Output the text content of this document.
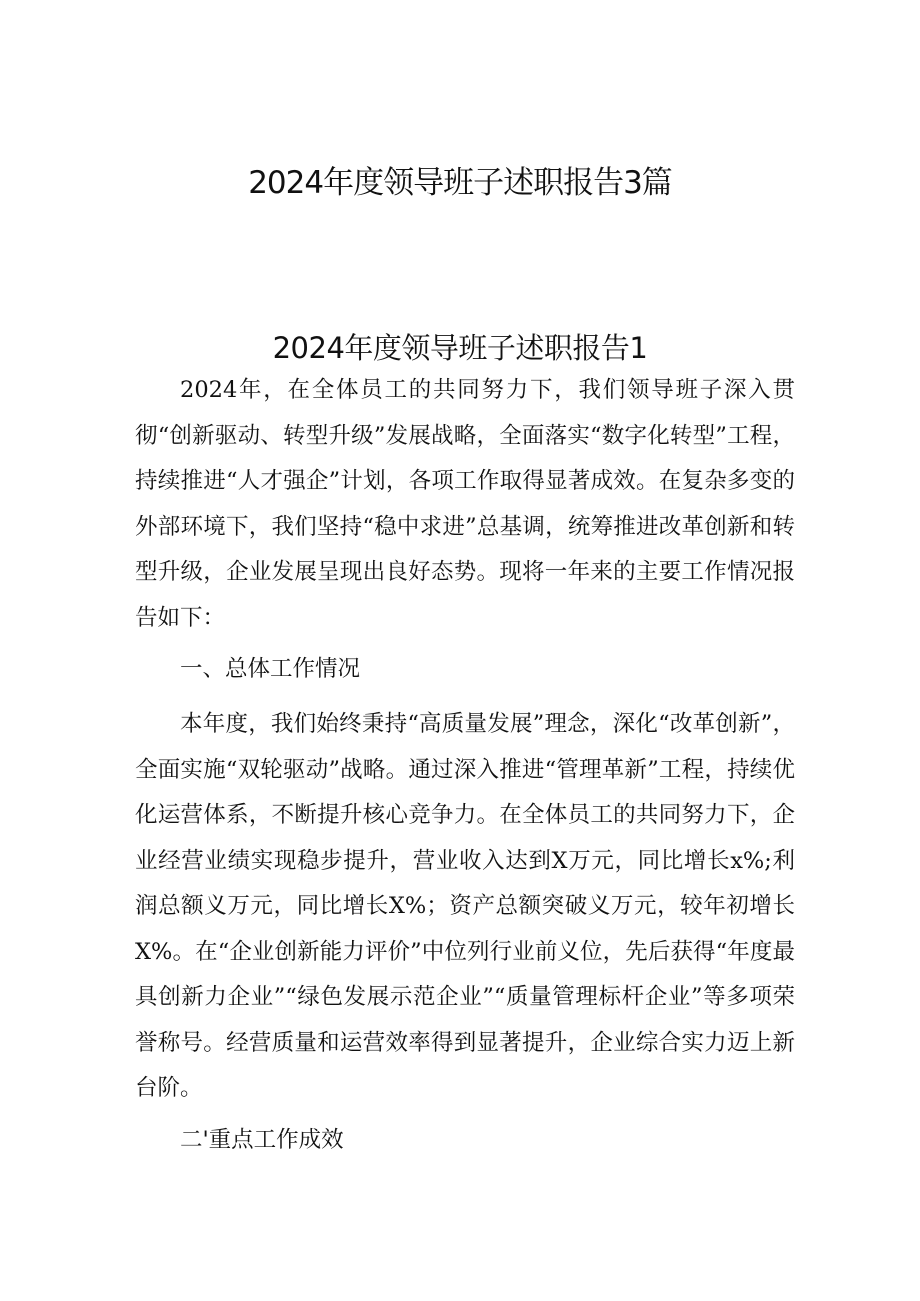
2024年度领导班子述职报告3篇
2024年度领导班子述职报告1

2024年，在全体员工的共同努力下，我们领导班子深入贯彻“创新驱动、转型升级”发展战略，全面落实“数字化转型”工程，持续推进“人才强企”计划，各项工作取得显著成效。在复杂多变的外部环境下，我们坚持“稳中求进”总基调，统筹推进改革创新和转型升级，企业发展呈现出良好态势。现将一年来的主要工作情况报告如下：

一、总体工作情况

本年度，我们始终秉持“高质量发展”理念，深化“改革创新”，全面实施“双轮驱动”战略。通过深入推进“管理革新”工程，持续优化运营体系，不断提升核心竞争力。在全体员工的共同努力下，企业经营业绩实现稳步提升，营业收入达到X万元，同比增长x%;利润总额义万元，同比增长X%；资产总额突破义万元，较年初增长X%。在“企业创新能力评价”中位列行业前义位，先后获得“年度最具创新力企业”“绿色发展示范企业”“质量管理标杆企业”等多项荣誉称号。经营质量和运营效率得到显著提升，企业综合实力迈上新台阶。

二'重点工作成效
